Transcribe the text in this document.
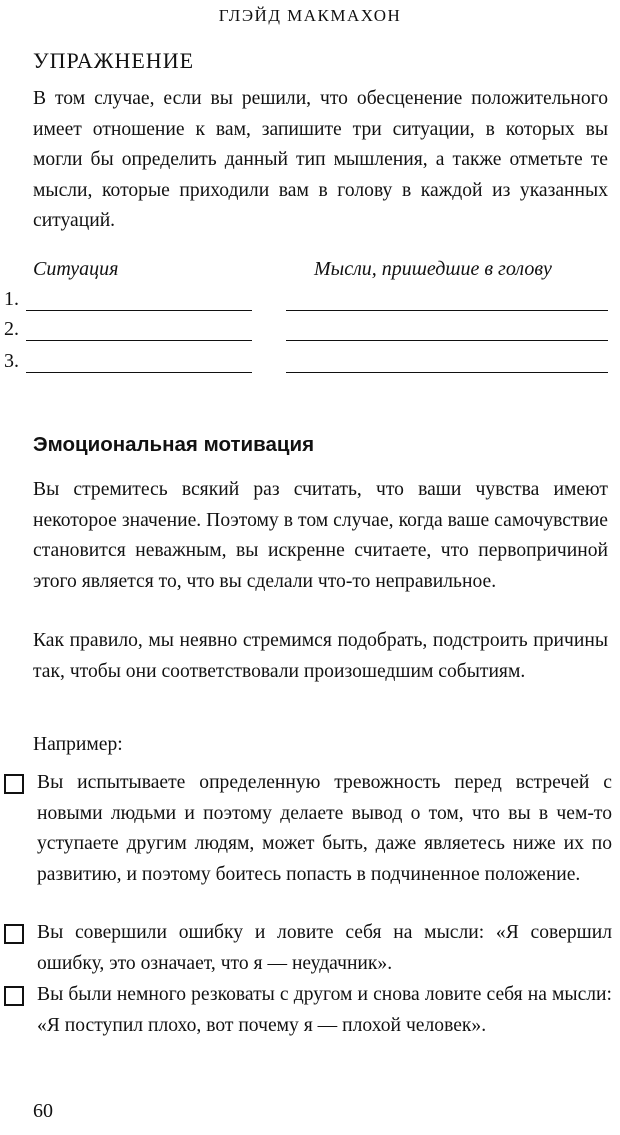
ГЛЭЙД МАКМАХОН
УПРАЖНЕНИЕ

В том случае, если вы решили, что обесценение положительного имеет отношение к вам, запишите три ситуации, в которых вы могли бы определить данный тип мышления, а также отметьте те мысли, которые приходили вам в голову в каждой из указанных ситуаций.

Ситуация	Мысли, пришедшие в голову
1.
2.
3.
Эмоциональная мотивация

Вы стремитесь всякий раз считать, что ваши чувства имеют некоторое значение. Поэтому в том случае, когда ваше самочувствие становится неважным, вы искренне считаете, что первопричиной этого является то, что вы сделали что-то неправильное.

Как правило, мы неявно стремимся подобрать, подстроить причины так, чтобы они соответствовали произошедшим событиям.

Например:

Вы испытываете определенную тревожность перед встречей с новыми людьми и поэтому делаете вывод о том, что вы в чем-то уступаете другим людям, может быть, даже являетесь ниже их по развитию, и поэтому боитесь попасть в подчиненное положение.

Вы совершили ошибку и ловите себя на мысли: «Я совершил ошибку, это означает, что я — неудачник».

Вы были немного резковаты с другом и снова ловите себя на мысли: «Я поступил плохо, вот почему я — плохой человек».

60
